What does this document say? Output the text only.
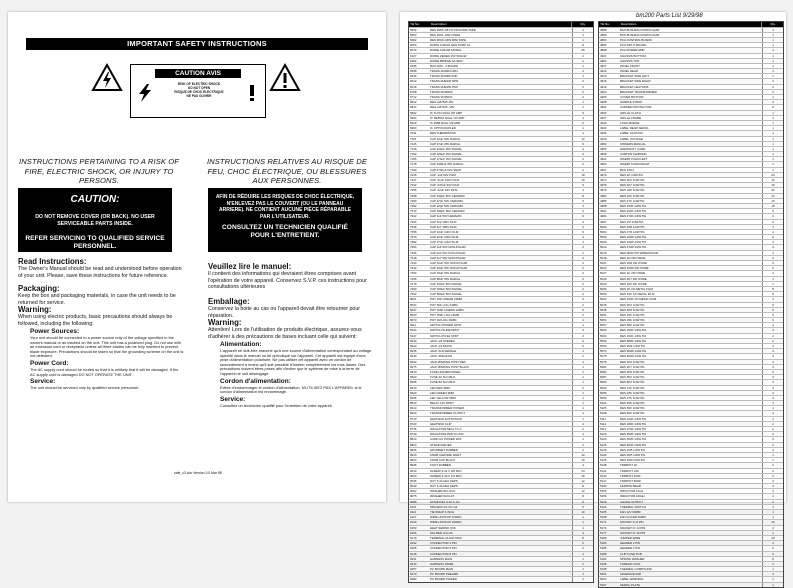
IMPORTANT SAFETY INSTRUCTIONS
CAUTION AVIS
RISK OF ELECTRIC SHOCK
DO NOT OPEN
RISQUE DE CHOC ELECTRIQUE
NE PAS OUVRIR
INSTRUCTIONS PERTAINING TO A RISK OF FIRE, ELECTRIC SHOCK, OR INJURY TO PERSONS.
CAUTION:
DO NOT REMOVE COVER (OR BACK). NO USER SERVICEABLE PARTS INSIDE.
REFER SERVICING TO QUALIFIED SERVICE PERSONNEL.
Read Instructions:

The Owner's Manual should be read and understood before operation of your unit. Please, save these instructions for future reference.

Packaging:

Keep the box and packaging materials, in case the unit needs to be returned for service.

Warning:

When using electric products, basic precautions should always be followed, including the following:

Power Sources:

Your unit should be connected to a power source only of the voltage specified in the owners manual or as marked on the unit. This unit has a polarized plug. Do not use with an extension cord or receptacle unless all three blades can be fully inserted to prevent blade exposure. Precautions should be taken so that the grounding scheme on the unit is not defeated.

Power Cord:

The AC supply cord should be routed so that it is unlikely that it will be damaged. If the AC supply cord is damaged DO NOT OPERATE THE UNIT.

Service:

The unit should be serviced only by qualified service personnel.

INSTRUCTIONS RELATIVES AU RISQUE DE FEU, CHOC ÉLECTRIQUE, OU BLESSURES AUX PERSONNES.
AFIN DE RÉDUIRE LES RISQUES DE CHOC ÉLECTRIQUE, N'ENLEVEZ PAS LE COUVERT (OU LE PANNEAU ARRIERE). NE CONTIENT AUCUNE PIÈCE RÉPARABLE PAR L'UTILISATEUR.
CONSULTEZ UN TECHNICIEN QUALIFIÉ POUR L'ENTRETIENT.
Veuillez lire le manuel:

Il contient des informations qui devraient êtres comprises avant l'opération de votre appareil. Conservez S.V.P. ces instructions pour consultations ultérieures

Emballage:

Conservez la boite au cas ou l'appareil devait être retourner pour réparation.

Warning:

Attention! Lors de l'utilisation de produits électrique, assurez-vous d'adhérer à des précautions de bases incluant celle qui suivent:

Alimentation:

L'appareil ne doit-être branché qu'à une source d'alimentation correspondant au voltage spécifié dans le manuel ou tel qu'indiqué sur l'appareil. Cet appareil est équipé d'une prise d'alimentation polarisée. Ne pas utiliser cet appareil avec un cordon de raccordement à moins qu'il soit possible d'insérer complètement les trois lames. Des précautions doivent êtres prises afin d'eviter que le système de mise à la terre de l'appareil ne soit désengagé.

Cordon d'alimentation:

Evitez d'endommager le cordon d'alimentation. N'UTILISEZ PAS L'APPAREIL si le cordon d'alimentation est endommagé.

Service:

Consultez un technicien qualifié pour l'entretien de votre appareil.

safe_c3.doc Version 3.0 Mar 98
bm200 Parts List 9/29/98
YE No.	Description	Qty.
5532	RES 36K5 1/8 1% FILM MINI TAPE	1
5653	RES 2R21 10W OXIDE	1
5682	RES 9K09 1/4W MINI TAPE	1
6050	DIODE 1N4004 GEN PURP 1A	8
6072	DIODE 1N4148 SIGNAL	26
6107	DIODE ZENER 15V 500mW	2
6182	DIODE BRIDGE 4A 400V	1
6455	BUS ADD - 2 BOARD	1
6538	TRANS 2N3904 NPN	4
6546	TRANS 2N3906 PNP	4
6612	TRANS MJE340 NPN	2
6618	TRANS MJE350 PNP	2
6708	TRANS MJ15003	2
6712	TRANS MJ15004	2
6812	REG LM7815 15V	1
6814	REG LM7915 -15V	1
6902	IC TL072 DUAL OP AMP	6
6904	IC NE5532 DUAL OP AMP	4
6910	IC 4558 DUAL OP AMP	2
6960	IC OPTOCOUPLER	1
7011	RES THERMISTOR	1
7115	CAP 10uF 50V RADIAL	12
7126	CAP 47uF 25V RADIAL	6
7139	CAP 100uF 35V RADIAL	4
7152	CAP 220uF 25V RADIAL	2
7165	CAP 470uF 35V RADIAL	2
7178	CAP 1000uF 35V RADIAL	2
7190	CAP 4700uF 63V SNAP	2
7215	CAP .1uF 63V FILM	18
7227	CAP .01uF 100V FILM	10
7242	CAP .047uF 63V FILM	6
7256	CAP .22uF 63V FILM	4
7268	CAP 100pF 50V CERAMIC	8
7280	CAP 47pF 50V CERAMIC	6
7292	CAP 22pF 50V CERAMIC	4
7310	CAP 330pF 50V CERAMIC	4
7322	CAP 1nF 50V CERAMIC	6
7334	CAP 2n2 100V FILM	4
7346	CAP 4n7 100V FILM	4
7358	CAP 10nF 100V FILM	6
7370	CAP 22nF 100V FILM	4
7382	CAP 47nF 100V FILM	4
7394	CAP 1uF 50V NON-POLAR	2
7406	CAP 2u2 50V NON-POLAR	2
7418	CAP 4u7 50V NON-POLAR	2
7430	CAP 10uF 50V NON-POLAR	2
7442	CAP 22uF 50V NON-POLAR	2
7454	CAP 33uF 50V RADIAL	2
7466	CAP 68uF 50V RADIAL	2
7478	CAP 150uF 50V RADIAL	2
7490	CAP 330uF 50V RADIAL	2
7502	CAP 680uF 50V RADIAL	2
8021	POT 10K LINEAR 24MM	4
8034	POT 50K LOG 24MM	2
8047	POT 100K LINEAR 16MM	6
8060	POT 250K LOG 16MM	2
8073	POT 1M LOG 16MM	1
8111	SWITCH POWER DPST	1
8124	SWITCH SLIDE DPDT	3
8137	SWITCH PUSH SPDT	2
8210	JACK 1/4 STEREO	4
8223	JACK 1/4 MONO	6
8236	JACK XLR FEMALE	1
8249	JACK SPEAKON	2
8262	JACK BINDING POST RED	1
8275	JACK BINDING POST BLACK	1
8310	FUSE HOLDER PANEL	1
8323	FUSE 4A SLO-BLO	1
8336	FUSE 8A SLO-BLO	1
8410	LED RED 3MM	2
8423	LED GREEN 3MM	1
8436	LED YELLOW 3MM	1
8510	RELAY 12V DPDT	1
8610	TRANSFORMER POWER	1
8623	TRANSFORMER OUTPUT	1
8710	HEATSINK EXTRUSION	1
8723	HEATSINK CLIP	4
8736	INSULATOR MICA TO-3	2
8749	INSULATOR PAD TO-220	4
8810	CORD AC POWER 18/3	1
8823	STRAIN RELIEF	1
8836	GROMMET RUBBER	2
8910	KNOB CHROME SKIRT	10
8923	KNOB CAP BLACK	10
8936	FOOT RUBBER	4
9010	SCREW 6-32 X 3/8 PAN	24
9023	SCREW 4-40 X 1/4 PAN	16
9036	NUT 6-32 HEX KEPS	12
9049	NUT 4-40 HEX KEPS	8
9062	WASHER #6 LOCK	12
9075	WASHER #4 FLAT	8
9088	STANDOFF 6-32 X 1/2	6
9101	SPACER NYLON 1/4	6
9114	TIE WRAP 4 INCH	10
9127	WIRE HOOKUP 22AWG	1
9140	WIRE HOOKUP 18AWG	1
9153	HEAT SHRINK 3/16	1
9166	SOLDER LUG #6	4
9179	TERMINAL QUICK DISC	8
9192	CONNECTOR 4 PIN	2
9205	CONNECTOR 6 PIN	2
9218	CONNECTOR 8 PIN	1
9231	HARNESS MAIN	1
9244	HARNESS PANEL	1
9257	PC BOARD MAIN	1
9270	PC BOARD PREAMP	1
9283	PC BOARD POWER	1
YE No.	Description	Qty.
4888	BAS BUSHING DOWN D EAR	1
4890	BAS BUSHING DOWN D EAR	1
4893	PCA CONTROL BOARD	1
4895	PCA INPUT BOARD	1
4898	PCA POWER AMP	1
4901	CHASSIS BOTTOM	1
4904	CHASSIS TOP	1
4907	PANEL FRONT	1
4910	PANEL REAR	1
4913	BRACKET SIDE LEFT	1
4916	BRACKET SIDE RIGHT	1
4919	BRACKET HEATSINK	2
4922	BRACKET TRANSFORMER	1
4925	COVER BOTTOM	1
4928	HANDLE STRAP	2
4931	CORNER PROTECTOR	8
4934	GRILLE CLOTH	1
4937	GRILLE FRAME	1
4940	LOGO BADGE	1
4943	LABEL REAR SERIAL	1
4946	LABEL CAUTION	1
4949	LABEL VOLTAGE	1
4952	OWNERS MANUAL	1
4955	WARRANTY CARD	1
4958	CARTON SHIPPING	1
4961	INSERT FOAM LEFT	1
4964	INSERT FOAM RIGHT	1
4967	BAG POLY	1
4970	RES 1K 1/4W 5%	24
4973	RES 2K2 1/4W 5%	12
4976	RES 4K7 1/4W 5%	16
4979	RES 10K 1/4W 5%	32
4982	RES 22K 1/4W 5%	14
4985	RES 47K 1/4W 5%	10
4988	RES 100K 1/4W 5%	18
4991	RES 220K 1/4W 5%	6
4994	RES 470K 1/4W 5%	4
4997	RES 1M 1/4W 5%	6
5000	RES 10R 1/2W 5%	4
5003	RES 47R 1/2W 5%	4
5006	RES 100R 1/2W 5%	6
5009	RES 220R 1/2W 5%	4
5012	RES 470R 1/2W 5%	4
5015	RES 0R22 5W WIREWOUND	4
5018	RES 1R 2W OXIDE	2
5021	RES 10R 2W OXIDE	2
5024	RES 100R 2W OXIDE	2
5027	RES 1K 2W OXIDE	2
5030	RES 4K7 2W OXIDE	1
5033	RES 10K 2W OXIDE	1
5036	RES 1K 1% METAL FILM	8
5039	RES 10K 1% METAL FILM	8
5042	RES 100K 1% METAL FILM	4
5045	RES 3K3 1/4W 5%	6
5048	RES 6K8 1/4W 5%	6
5051	RES 15K 1/4W 5%	6
5054	RES 33K 1/4W 5%	6
5057	RES 68K 1/4W 5%	4
5060	RES 150K 1/4W 5%	4
5063	RES 330K 1/4W 5%	2
5066	RES 680K 1/4W 5%	2
5069	RES 2M2 1/4W 5%	2
5072	RES 560R 1/4W 5%	4
5075	RES 820R 1/4W 5%	4
5078	RES 1K5 1/4W 5%	4
5081	RES 2K7 1/4W 5%	4
5084	RES 3K9 1/4W 5%	4
5087	RES 5K6 1/4W 5%	4
5090	RES 8K2 1/4W 5%	4
5093	RES 12K 1/4W 5%	4
5096	RES 18K 1/4W 5%	4
5099	RES 27K 1/4W 5%	4
5102	RES 39K 1/4W 5%	4
5105	RES 56K 1/4W 5%	4
5108	RES 82K 1/4W 5%	4
5111	RES 120K 1/4W 5%	2
5114	RES 180K 1/4W 5%	2
5117	RES 270K 1/4W 5%	2
5120	RES 390K 1/4W 5%	2
5123	RES 560K 1/4W 5%	2
5126	RES 820K 1/4W 5%	2
5129	RES 1M5 1/4W 5%	2
5132	RES 4M7 1/4W 5%	1
5135	RES 10M 1/4W 5%	1
5138	TRIMPOT 1K	2
5141	TRIMPOT 10K	2
5144	TRIMPOT 100K	1
5147	TRIMPOT 500R	2
5150	FERRITE BEAD	4
5153	INDUCTOR 10uH	2
5156	INDUCTOR 100uH	1
5159	CHOKE OUTPUT	2
5162	THERMAL SWITCH	1
5165	FAN 12V 60MM	1
5168	FAN GUARD 60MM	1
5171	SOCKET IC 8 PIN	10
5174	SOCKET IC 14 PIN	2
5177	SOCKET IC 16 PIN	1
5180	JUMPER WIRE	20
5183	HEADER 2 PIN	4
5186	HEADER 4 PIN	2
5189	CLIP FUSE PCB	2
5192	SPRING WASHER	8
5195	THREAD LOCK	1
5198	THERMAL COMPOUND	1
5201	ADHESIVE PAD	4
5204	LABEL WARNING	1
5207	SERIAL PLATE	1
